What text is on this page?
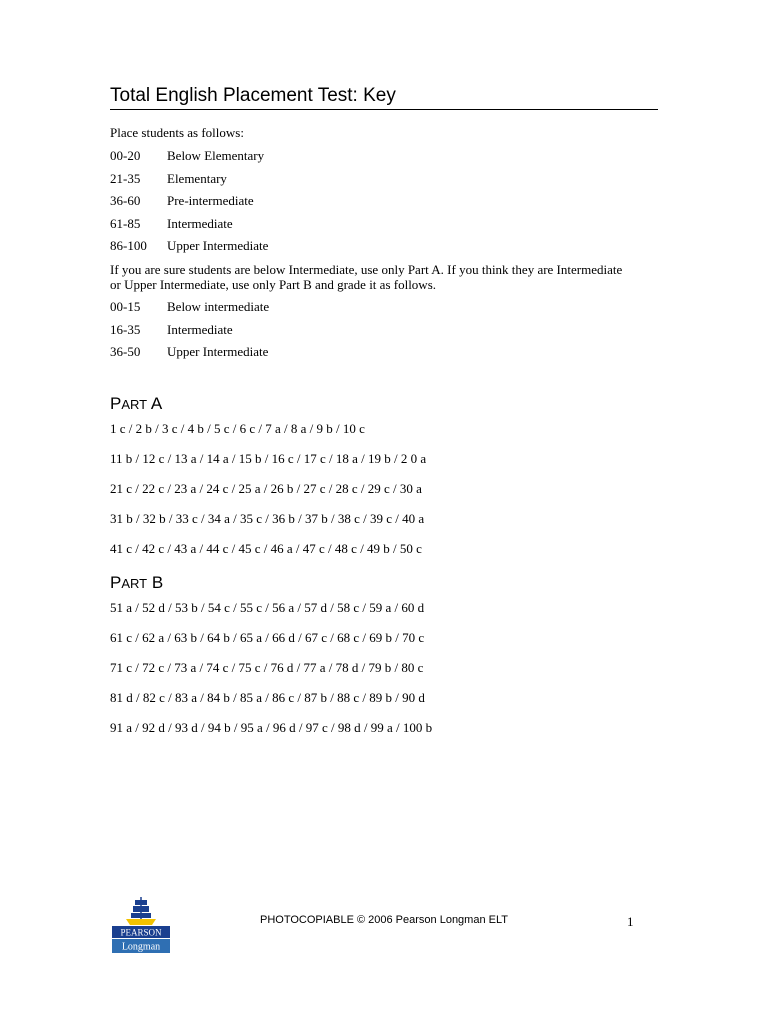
Total English Placement Test: Key
Place students as follows:
00-20	Below Elementary
21-35	Elementary
36-60	Pre-intermediate
61-85	Intermediate
86-100	Upper Intermediate
If you are sure students are below Intermediate, use only Part A. If you think they are Intermediate or Upper Intermediate, use only Part B and grade it as follows.
00-15	Below intermediate
16-35	Intermediate
36-50	Upper Intermediate
PART A
1 c / 2 b / 3 c / 4 b / 5 c / 6 c / 7 a / 8 a / 9 b / 10 c
11 b / 12 c / 13 a / 14 a / 15 b / 16 c / 17 c / 18 a / 19 b / 2 0 a
21 c / 22 c / 23 a / 24 c / 25 a / 26 b / 27 c / 28 c / 29 c / 30 a
31 b / 32 b / 33 c / 34 a / 35 c / 36 b / 37 b / 38 c / 39 c / 40 a
41 c / 42 c / 43 a / 44 c / 45 c / 46 a / 47 c / 48 c / 49 b / 50 c
PART B
51 a / 52 d / 53 b / 54 c / 55 c / 56 a / 57 d / 58 c / 59 a / 60 d
61 c / 62 a / 63 b / 64 b / 65 a / 66 d / 67 c / 68 c / 69 b / 70 c
71 c / 72 c / 73 a / 74 c / 75 c / 76 d / 77 a / 78 d / 79 b / 80 c
81 d / 82 c / 83 a / 84 b / 85 a / 86 c / 87 b / 88 c / 89 b / 90 d
91 a / 92 d / 93 d / 94 b / 95 a / 96 d / 97 c / 98 d / 99 a / 100 b
PEARSON
Longman
PHOTOCOPIABLE © 2006 Pearson Longman ELT	1
